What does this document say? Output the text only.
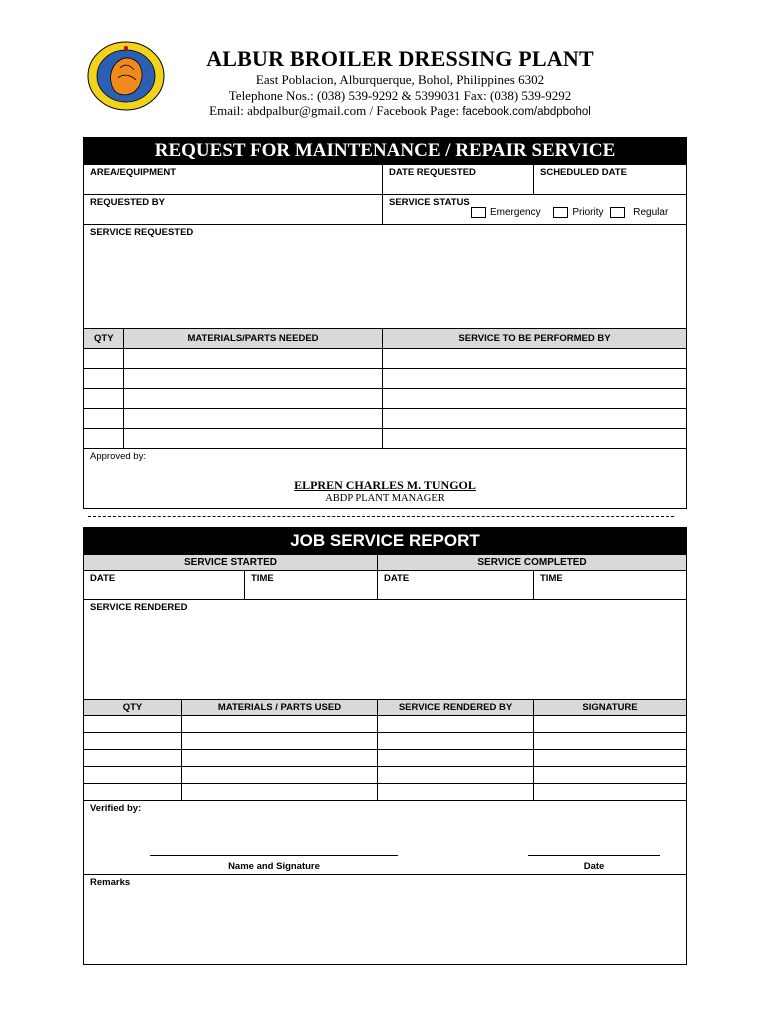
ALBUR BROILER DRESSING PLANT
East Poblacion, Alburquerque, Bohol, Philippines 6302
Telephone Nos.: (038) 539-9292 & 5399031 Fax: (038) 539-9292
Email: abdpalbur@gmail.com / Facebook Page: facebook.com/abdpbohol
REQUEST FOR MAINTENANCE / REPAIR SERVICE			

AREA/EQUIPMENT		DATE REQUESTED	SCHEDULED DATE

REQUESTED BY		SERVICE STATUS
Emergency Priority Regular	

SERVICE REQUESTED			

QTY	MATERIALS/PARTS NEEDED	SERVICE TO BE PERFORMED BY	

Approved by:
ELPREN CHARLES M. TUNGOL
ABDP PLANT MANAGER			
JOB SERVICE REPORT				
SERVICE STARTED			SERVICE COMPLETED	

DATE		TIME	DATE	TIME

SERVICE RENDERED				

QTY	MATERIALS / PARTS USED		SERVICE RENDERED BY	SIGNATURE

Verified by:
Name and Signature Date				

Remarks				
